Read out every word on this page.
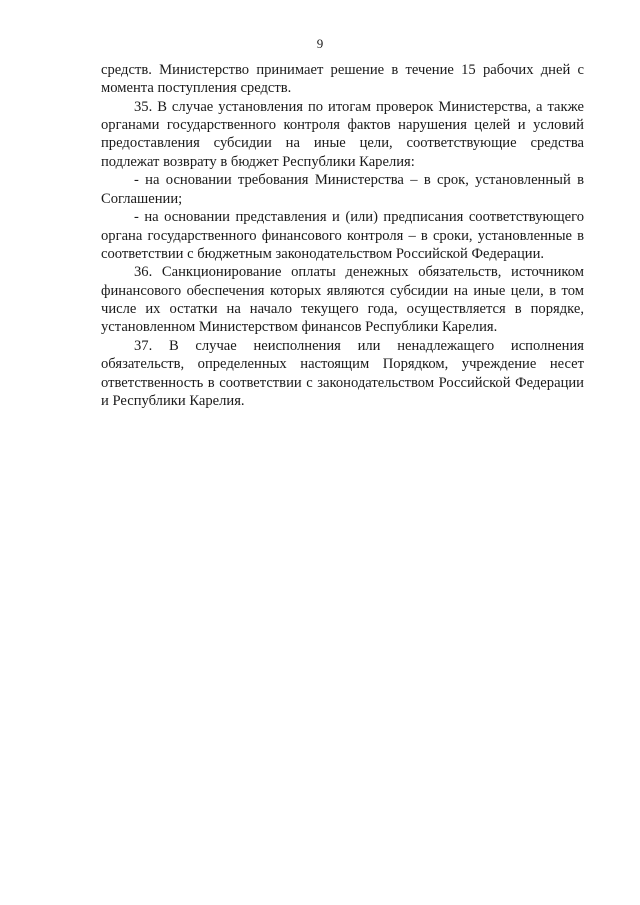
9

средств. Министерство принимает решение в течение 15 рабочих дней с момента поступления средств.

35. В случае установления по итогам проверок Министерства, а также органами государственного контроля фактов нарушения целей и условий предоставления субсидии на иные цели, соответствующие средства подлежат возврату в бюджет Республики Карелия:

- на основании требования Министерства – в срок, установленный в Соглашении;

- на основании представления и (или) предписания соответствующего органа государственного финансового контроля – в сроки, установленные в соответствии с бюджетным законодательством Российской Федерации.

36. Санкционирование оплаты денежных обязательств, источником финансового обеспечения которых являются субсидии на иные цели, в том числе их остатки на начало текущего года, осуществляется в порядке, установленном Министерством финансов Республики Карелия.

37. В случае неисполнения или ненадлежащего исполнения обязательств, определенных настоящим Порядком, учреждение несет ответственность в соответствии с законодательством Российской Федерации и Республики Карелия.
